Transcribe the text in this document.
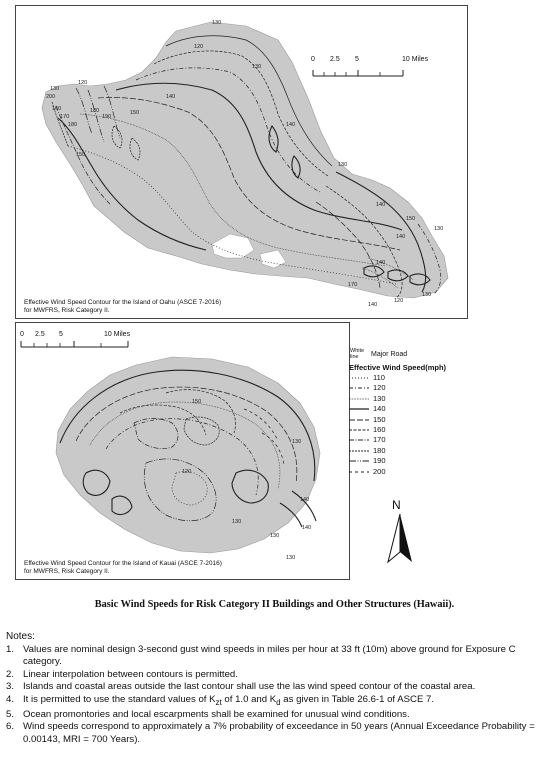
130
120
130
140
150
140
120
130
200
160
170
180
180
190
150
130
140
150
140
140
130
130
120
170
140
0 2.5 5	10 Miles
Effective Wind Speed Contour for the Island of Oahu (ASCE 7-2016)
for MWFRS, Risk Category II.
150
130
120
130
140
130
140
130
0 2.5 5	10 Miles
Effective Wind Speed Contour for the Island of Kauai (ASCE 7-2016)
for MWFRS, Risk Category II.
White line	Major Road
Effective Wind Speed(mph)
110
120
130
140
150
160
170
180
190
200
N
Basic Wind Speeds for Risk Category II Buildings and Other Structures (Hawaii).
Notes:
1. Values are nominal design 3-second gust wind speeds in miles per hour at 33 ft (10m) above ground for Exposure C category.
2. Linear interpolation between contours is permitted.
3. Islands and coastal areas outside the last contour shall use the las wind speed contour of the coastal area.
4. It is permitted to use the standard values of $K_{zt}$ of 1.0 and $K_d$ as given in Table 26.6-1 of ASCE 7.
5. Ocean promontories and local escarpments shall be examined for unusual wind conditions.
6. Wind speeds correspond to approximately a 7% probability of exceedance in 50 years (Annual Exceedance Probability = 0.00143, MRI = 700 Years).
